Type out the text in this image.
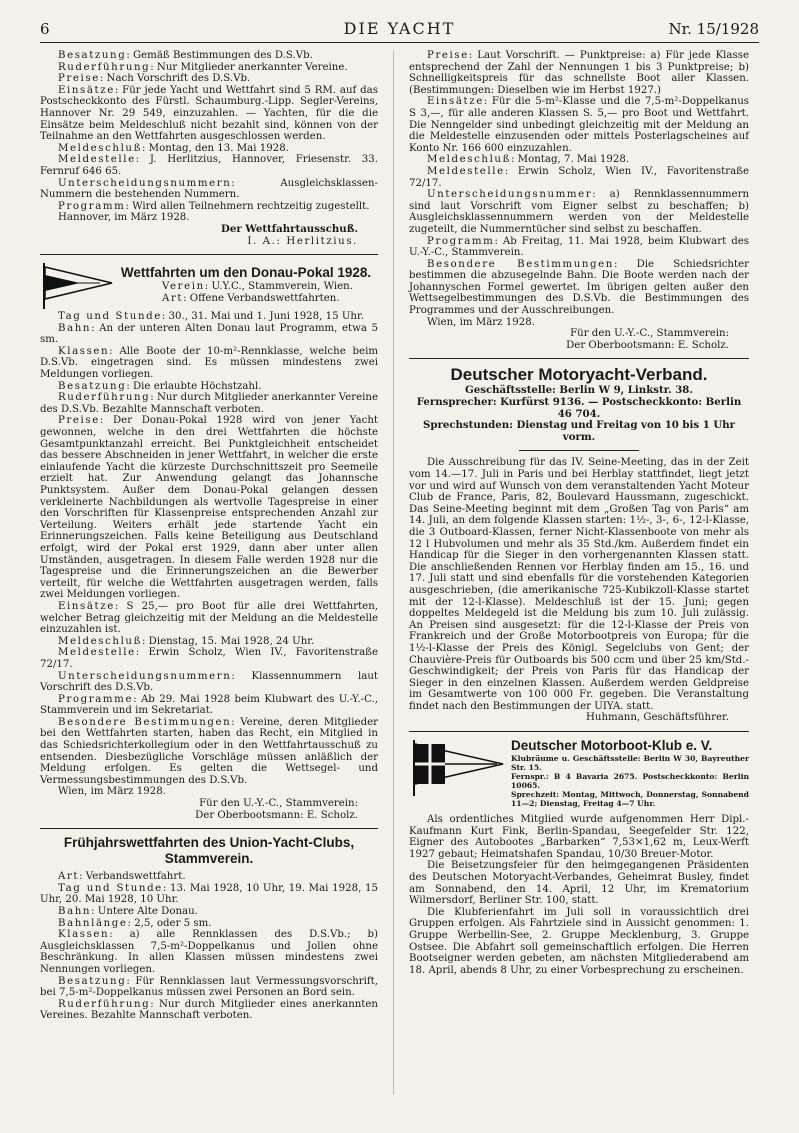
6	DIE YACHT	Nr. 15/1928

Besatzung: Gemäß Bestimmungen des D.S.Vb.

Ruderführung: Nur Mitglieder anerkannter Vereine.

Preise: Nach Vorschrift des D.S.Vb.

Einsätze: Für jede Yacht und Wettfahrt sind 5 RM. auf das Postscheckkonto des Fürstl. Schaumburg.-Lipp. Segler-Vereins, Hannover Nr. 29 549, einzuzahlen. — Yachten, für die die Einsätze beim Meldeschluß nicht bezahlt sind, können von der Teilnahme an den Wettfahrten ausgeschlossen werden.

Meldeschluß: Montag, den 13. Mai 1928.

Meldestelle: J. Herlitzius, Hannover, Friesenstr. 33. Fernruf 646 65.

Unterscheidungsnummern: Ausgleichsklassen-Nummern die bestehenden Nummern.

Programm: Wird allen Teilnehmern rechtzeitig zugestellt.

Hannover, im März 1928.

Der Wettfahrtausschuß.
I. A.: Herlitzius.
Wettfahrten um den Donau-Pokal 1928.

Verein: U.Y.C., Stammverein, Wien.

Art: Offene Verbandswettfahrten.

Tag und Stunde: 30., 31. Mai und 1. Juni 1928, 15 Uhr.

Bahn: An der unteren Alten Donau laut Programm, etwa 5 sm.

Klassen: Alle Boote der 10-m²-Rennklasse, welche beim D.S.Vb. eingetragen sind. Es müssen mindestens zwei Meldungen vorliegen.

Besatzung: Die erlaubte Höchstzahl.

Ruderführung: Nur durch Mitglieder anerkannter Vereine des D.S.Vb. Bezahlte Mannschaft verboten.

Preise: Der Donau-Pokal 1928 wird von jener Yacht gewonnen, welche in den drei Wettfahrten die höchste Gesamtpunktanzahl erreicht. Bei Punktgleichheit entscheidet das bessere Abschneiden in jener Wettfahrt, in welcher die erste einlaufende Yacht die kürzeste Durchschnittszeit pro Seemeile erzielt hat. Zur Anwendung gelangt das Johannsche Punktsystem. Außer dem Donau-Pokal gelangen dessen verkleinerte Nachbildungen als wertvolle Tagespreise in einer den Vorschriften für Klassenpreise entsprechenden Anzahl zur Verteilung. Weiters erhält jede startende Yacht ein Erinnerungszeichen. Falls keine Beteiligung aus Deutschland erfolgt, wird der Pokal erst 1929, dann aber unter allen Umständen, ausgetragen. In diesem Falle werden 1928 nur die Tagespreise und die Erinnerungszeichen an die Bewerber verteilt, für welche die Wettfahrten ausgetragen werden, falls zwei Meldungen vorliegen.

Einsätze: S 25,— pro Boot für alle drei Wettfahrten, welcher Betrag gleichzeitig mit der Meldung an die Meldestelle einzuzahlen ist.

Meldeschluß: Dienstag, 15. Mai 1928, 24 Uhr.

Meldestelle: Erwin Scholz, Wien IV., Favoritenstraße 72/17.

Unterscheidungsnummern: Klassennummern laut Vorschrift des D.S.Vb.

Programme: Ab 29. Mai 1928 beim Klubwart des U.-Y.-C., Stammverein und im Sekretariat.

Besondere Bestimmungen: Vereine, deren Mitglieder bei den Wettfahrten starten, haben das Recht, ein Mitglied in das Schiedsrichterkollegium oder in den Wettfahrtausschuß zu entsenden. Diesbezügliche Vorschläge müssen anläßlich der Meldung erfolgen. Es gelten die Wettsegel- und Vermessungsbestimmungen des D.S.Vb.

Wien, im März 1928.

Für den U.-Y.-C., Stammverein:
Der Oberbootsmann: E. Scholz.
Frühjahrswettfahrten des Union-Yacht-Clubs,
Stammverein.

Art: Verbandswettfahrt.

Tag und Stunde: 13. Mai 1928, 10 Uhr, 19. Mai 1928, 15 Uhr, 20. Mai 1928, 10 Uhr.

Bahn: Untere Alte Donau.

Bahnlänge: 2,5, oder 5 sm.

Klassen: a) alle Rennklassen des D.S.Vb.; b) Ausgleichsklassen 7,5-m²-Doppelkanus und Jollen ohne Beschränkung. In allen Klassen müssen mindestens zwei Nennungen vorliegen.

Besatzung: Für Rennklassen laut Vermessungsvorschrift, bei 7,5-m²-Doppelkanus müssen zwei Personen an Bord sein.

Ruderführung: Nur durch Mitglieder eines anerkannten Vereines. Bezahlte Mannschaft verboten.

Preise: Laut Vorschrift. — Punktpreise: a) Für jede Klasse entsprechend der Zahl der Nennungen 1 bis 3 Punktpreise; b) Schnelligkeitspreis für das schnellste Boot aller Klassen. (Bestimmungen: Dieselben wie im Herbst 1927.)

Einsätze: Für die 5-m²-Klasse und die 7,5-m²-Doppelkanus S 3,—, für alle anderen Klassen S. 5,— pro Boot und Wettfahrt. Die Nenngelder sind unbedingt gleichzeitig mit der Meldung an die Meldestelle einzusenden oder mittels Posterlagscheines auf Konto Nr. 166 600 einzuzahlen.

Meldeschluß: Montag, 7. Mai 1928.

Meldestelle: Erwin Scholz, Wien IV., Favoritenstraße 72/17.

Unterscheidungsnummer: a) Rennklassennummern sind laut Vorschrift vom Eigner selbst zu beschaffen; b) Ausgleichsklassennummern werden von der Meldestelle zugeteilt, die Nummerntücher sind selbst zu beschaffen.

Programm: Ab Freitag, 11. Mai 1928, beim Klubwart des U.-Y.-C., Stammverein.

Besondere Bestimmungen: Die Schiedsrichter bestimmen die abzusegelnde Bahn. Die Boote werden nach der Johannyschen Formel gewertet. Im übrigen gelten außer den Wettsegelbestimmungen des D.S.Vb. die Bestimmungen des Programmes und der Ausschreibungen.

Wien, im März 1928.

Für den U.-Y.-C., Stammverein:
Der Oberbootsmann: E. Scholz.
Deutscher Motoryacht-Verband.
Geschäftsstelle: Berlin W 9, Linkstr. 38.
Fernsprecher: Kurfürst 9136. — Postscheckkonto: Berlin 46 704.
Sprechstunden: Dienstag und Freitag von 10 bis 1 Uhr vorm.

Die Ausschreibung für das IV. Seine-Meeting, das in der Zeit vom 14.—17. Juli in Paris und bei Herblay stattfindet, liegt jetzt vor und wird auf Wunsch von dem veranstaltenden Yacht Moteur Club de France, Paris, 82, Boulevard Haussmann, zugeschickt. Das Seine-Meeting beginnt mit dem „Großen Tag von Paris“ am 14. Juli, an dem folgende Klassen starten: 1½-, 3-, 6-, 12-l-Klasse, die 3 Outboard-Klassen, ferner Nicht-Klassenboote von mehr als 12 l Hubvolumen und mehr als 35 Std./km. Außerdem findet ein Handicap für die Sieger in den vorhergenannten Klassen statt. Die anschließenden Rennen vor Herblay finden am 15., 16. und 17. Juli statt und sind ebenfalls für die vorstehenden Kategorien ausgeschrieben, (die amerikanische 725-Kubikzoll-Klasse startet mit der 12-l-Klasse). Meldeschluß ist der 15. Juni; gegen doppeltes Meldegeld ist die Meldung bis zum 10. Juli zulässig. An Preisen sind ausgesetzt: für die 12-l-Klasse der Preis von Frankreich und der Große Motorbootpreis von Europa; für die 1½-l-Klasse der Preis des Königl. Segelclubs von Gent; der Chauvière-Preis für Outboards bis 500 ccm und über 25 km/Std.-Geschwindigkeit; der Preis von Paris für das Handicap der Sieger in den einzelnen Klassen. Außerdem werden Geldpreise im Gesamtwerte von 100 000 Fr. gegeben. Die Veranstaltung findet nach den Bestimmungen der UIYA. statt.

Huhmann, Geschäftsführer.
Deutscher Motorboot-Klub e. V.
Klubräume u. Geschäftsstelle: Berlin W 30, Bayreuther Str. 15.
Fernspr.: B 4 Bavaria 2675. Postscheckkonto: Berlin 10065.
Sprechzeit: Montag, Mittwoch, Donnerstag, Sonnabend 11—2; Dienstag, Freitag 4—7 Uhr.

Als ordentliches Mitglied wurde aufgenommen Herr Dipl.-Kaufmann Kurt Fink, Berlin-Spandau, Seegefelder Str. 122, Eigner des Autobootes „Barbarken“ 7,53×1,62 m, Leux-Werft 1927 gebaut; Heimatshafen Spandau, 10/30 Breuer-Motor.

Die Beisetzungsfeier für den heimgegangenen Präsidenten des Deutschen Motoryacht-Verbandes, Geheimrat Busley, findet am Sonnabend, den 14. April, 12 Uhr, im Krematorium Wilmersdorf, Berliner Str. 100, statt.

Die Klubferienfahrt im Juli soll in voraussichtlich drei Gruppen erfolgen. Als Fahrtziele sind in Aussicht genommen: 1. Gruppe Werbellin-See, 2. Gruppe Mecklenburg, 3. Gruppe Ostsee. Die Abfahrt soll gemeinschaftlich erfolgen. Die Herren Bootseigner werden gebeten, am nächsten Mitgliederabend am 18. April, abends 8 Uhr, zu einer Vorbesprechung zu erscheinen.
